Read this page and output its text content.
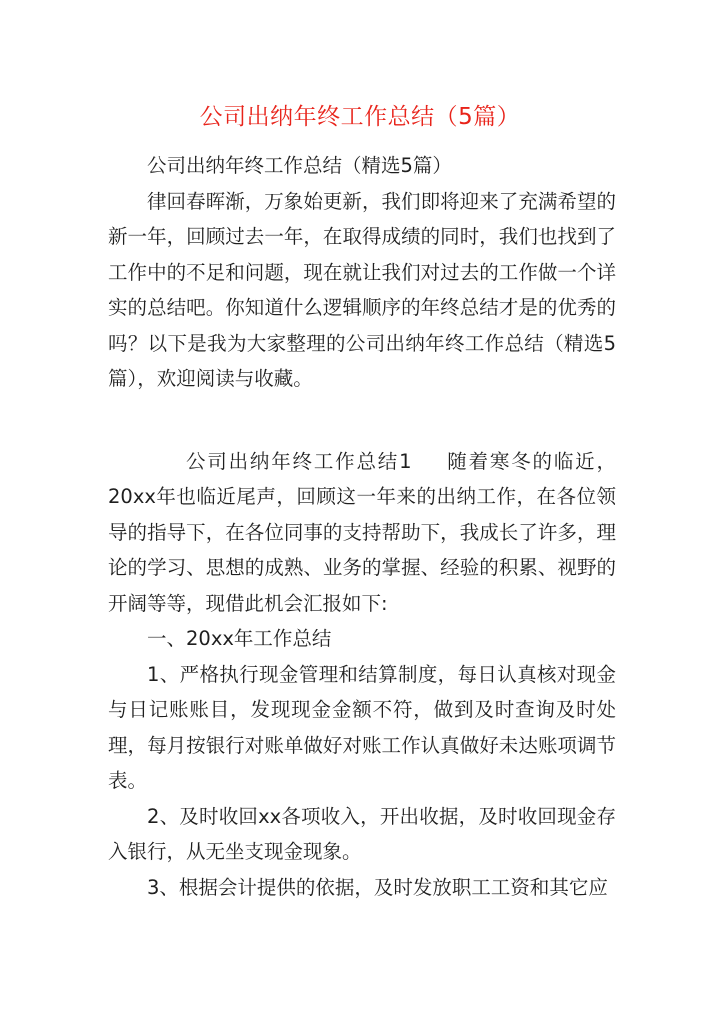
公司出纳年终工作总结（5篇）

公司出纳年终工作总结（精选5篇）

律回春晖渐，万象始更新，我们即将迎来了充满希望的新一年，回顾过去一年，在取得成绩的同时，我们也找到了工作中的不足和问题，现在就让我们对过去的工作做一个详实的总结吧。你知道什么逻辑顺序的年终总结才是的优秀的吗？以下是我为大家整理的公司出纳年终工作总结（精选5篇），欢迎阅读与收藏。

公司出纳年终工作总结1 随着寒冬的临近，20xx年也临近尾声，回顾这一年来的出纳工作，在各位领导的指导下，在各位同事的支持帮助下，我成长了许多，理论的学习、思想的成熟、业务的掌握、经验的积累、视野的开阔等等，现借此机会汇报如下:

一、20xx年工作总结

1、严格执行现金管理和结算制度，每日认真核对现金与日记账账目，发现现金金额不符，做到及时查询及时处理，每月按银行对账单做好对账工作认真做好未达账项调节表。

2、及时收回xx各项收入，开出收据，及时收回现金存入银行，从无坐支现金现象。

3、根据会计提供的依据，及时发放职工工资和其它应
